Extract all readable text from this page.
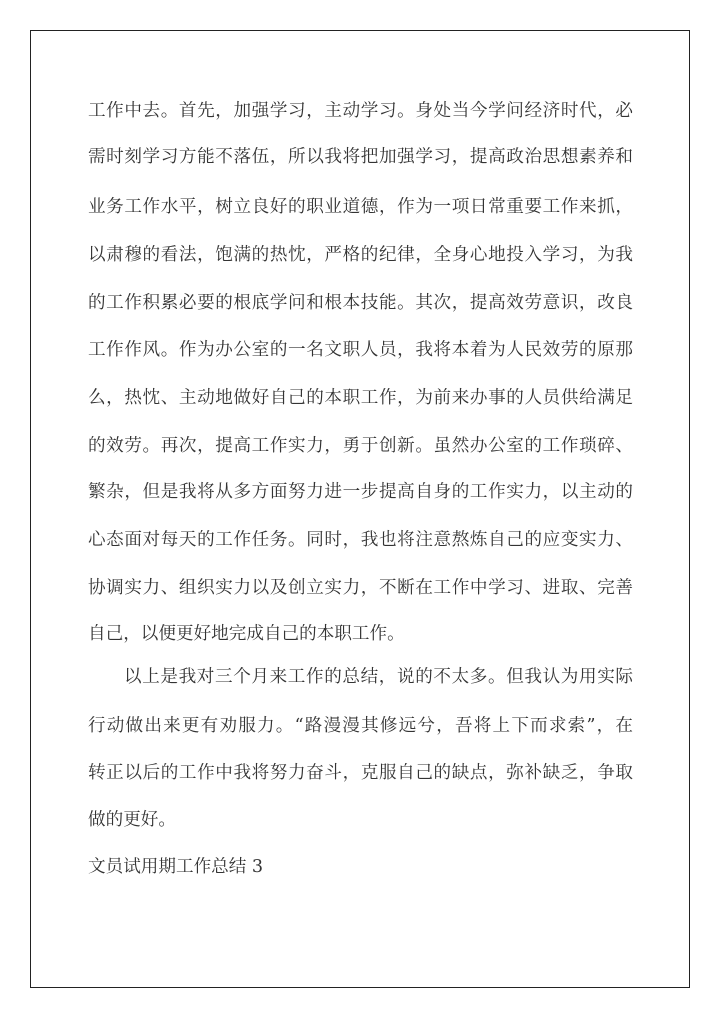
工作中去。首先，加强学习，主动学习。身处当今学问经济时代，必
需时刻学习方能不落伍，所以我将把加强学习，提高政治思想素养和
业务工作水平，树立良好的职业道德，作为一项日常重要工作来抓，
以肃穆的看法，饱满的热忱，严格的纪律，全身心地投入学习，为我
的工作积累必要的根底学问和根本技能。其次，提高效劳意识，改良
工作作风。作为办公室的一名文职人员，我将本着为人民效劳的原那
么，热忱、主动地做好自己的本职工作，为前来办事的人员供给满足
的效劳。再次，提高工作实力，勇于创新。虽然办公室的工作琐碎、
繁杂，但是我将从多方面努力进一步提高自身的工作实力，以主动的
心态面对每天的工作任务。同时，我也将注意熬炼自己的应变实力、
协调实力、组织实力以及创立实力，不断在工作中学习、进取、完善
自己，以便更好地完成自己的本职工作。
以上是我对三个月来工作的总结，说的不太多。但我认为用实际
行动做出来更有劝服力。“路漫漫其修远兮，吾将上下而求索”，在
转正以后的工作中我将努力奋斗，克服自己的缺点，弥补缺乏，争取
做的更好。
文员试用期工作总结 3
